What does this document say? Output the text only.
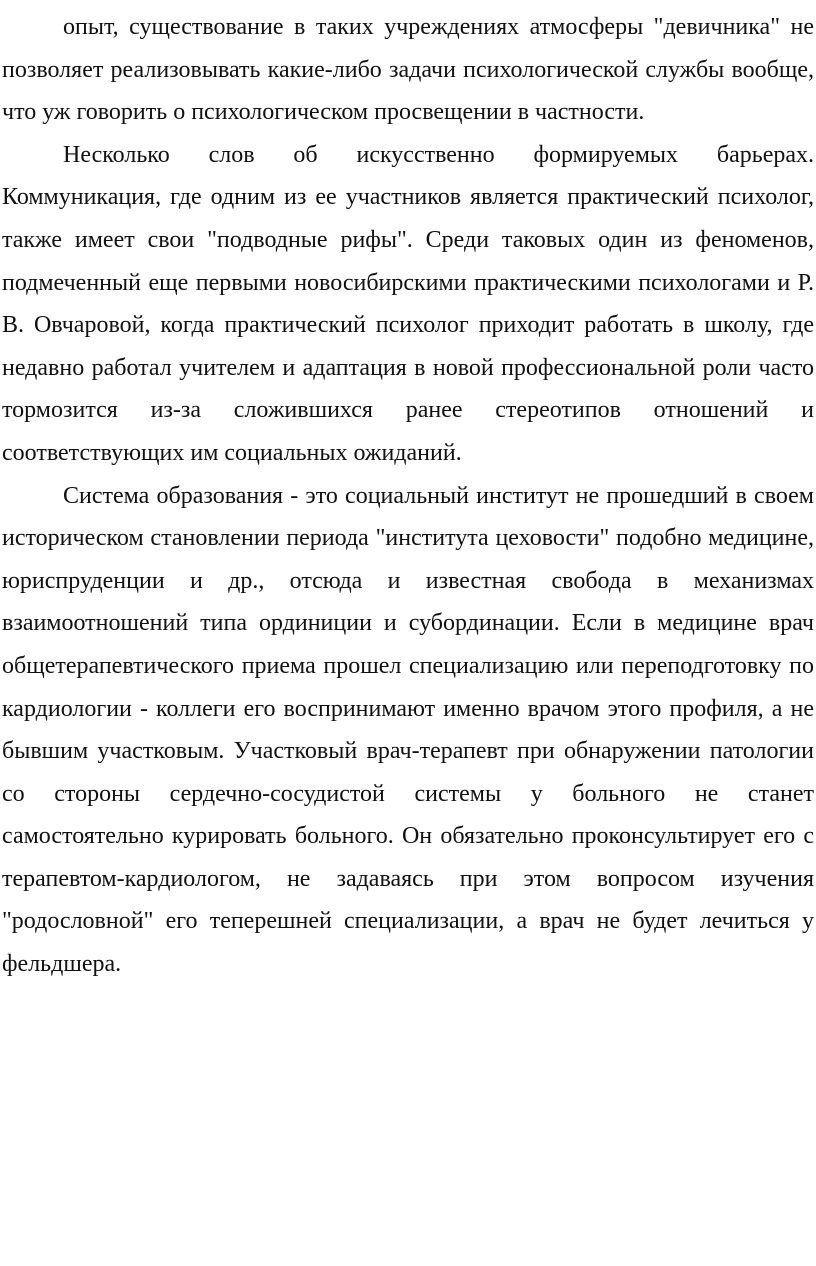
опыт, существование в таких учреждениях атмосферы "девичника" не позволяет реализовывать какие-либо задачи психологической службы вообще, что уж говорить о психологическом просвещении в частности.

Несколько слов об искусственно формируемых барьерах. Коммуникация, где одним из ее участников является практический психолог, также имеет свои "подводные рифы". Среди таковых один из феноменов, подмеченный еще первыми новосибирскими практическими психологами и Р. В. Овчаровой, когда практический психолог приходит работать в школу, где недавно работал учителем и адаптация в новой профессиональной роли часто тормозится из-за сложившихся ранее стереотипов отношений и соответствующих им социальных ожиданий.

Система образования - это социальный институт не прошедший в своем историческом становлении периода "института цеховости" подобно медицине, юриспруденции и др., отсюда и известная свобода в механизмах взаимоотношений типа ординиции и субординации. Если в медицине врач общетерапевтического приема прошел специализацию или переподготовку по кардиологии - коллеги его воспринимают именно врачом этого профиля, а не бывшим участковым. Участковый врач-терапевт при обнаружении патологии со стороны сердечно-сосудистой системы у больного не станет самостоятельно курировать больного. Он обязательно проконсультирует его с терапевтом-кардиологом, не задаваясь при этом вопросом изучения "родословной" его теперешней специализации, а врач не будет лечиться у фельдшера.
